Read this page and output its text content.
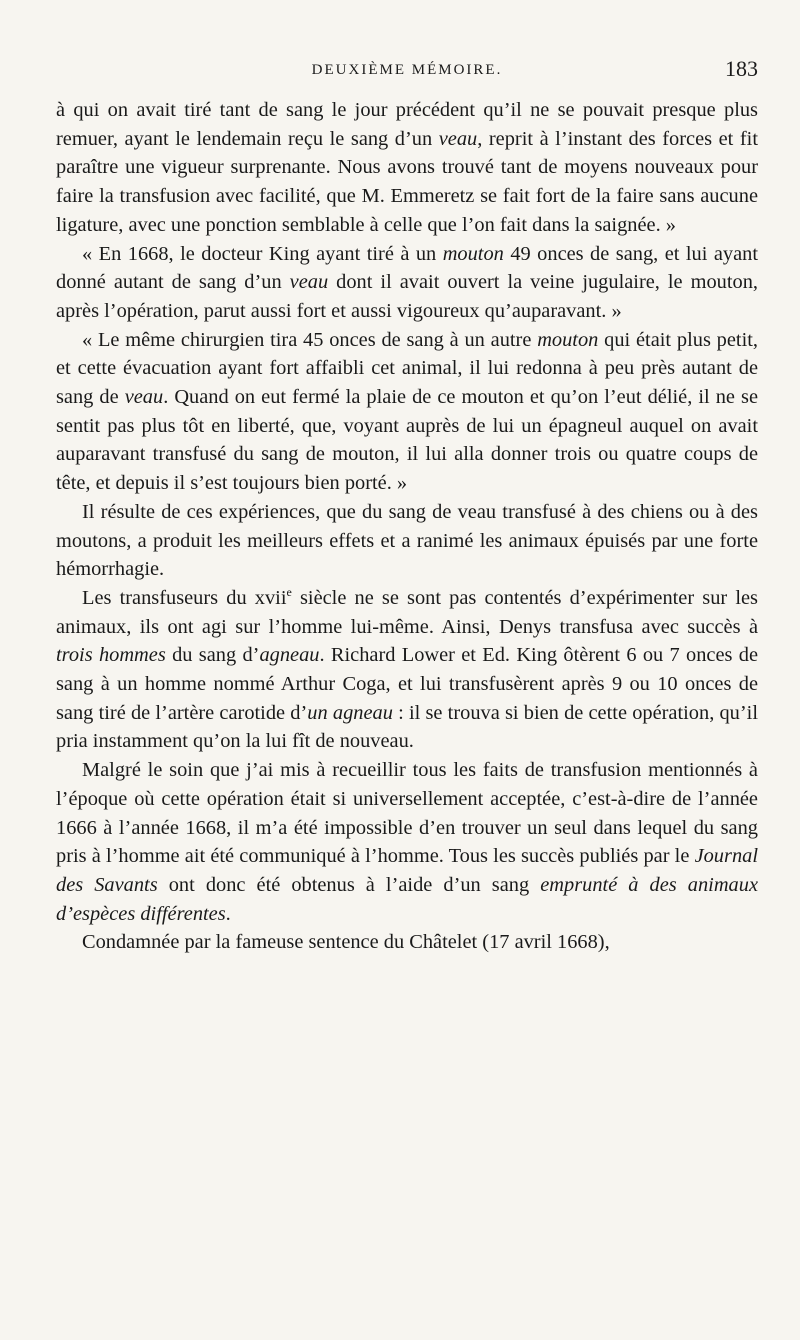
DEUXIÈME MÉMOIRE.	183

à qui on avait tiré tant de sang le jour précédent qu’il ne se pouvait presque plus remuer, ayant le lendemain reçu le sang d’un veau, reprit à l’instant des forces et fit paraître une vigueur surprenante. Nous avons trouvé tant de moyens nouveaux pour faire la transfusion avec facilité, que M. Emmeretz se fait fort de la faire sans aucune ligature, avec une ponction semblable à celle que l’on fait dans la saignée. »

« En 1668, le docteur King ayant tiré à un mouton 49 onces de sang, et lui ayant donné autant de sang d’un veau dont il avait ouvert la veine jugulaire, le mouton, après l’opération, parut aussi fort et aussi vigoureux qu’auparavant. »

« Le même chirurgien tira 45 onces de sang à un autre mouton qui était plus petit, et cette évacuation ayant fort affaibli cet animal, il lui redonna à peu près autant de sang de veau. Quand on eut fermé la plaie de ce mouton et qu’on l’eut délié, il ne se sentit pas plus tôt en liberté, que, voyant auprès de lui un épagneul auquel on avait auparavant transfusé du sang de mouton, il lui alla donner trois ou quatre coups de tête, et depuis il s’est toujours bien porté. »

Il résulte de ces expériences, que du sang de veau transfusé à des chiens ou à des moutons, a produit les meilleurs effets et a ranimé les animaux épuisés par une forte hémorrhagie.

Les transfuseurs du xvii$^e$ siècle ne se sont pas contentés d’expérimenter sur les animaux, ils ont agi sur l’homme lui-même. Ainsi, Denys transfusa avec succès à trois hommes du sang d’agneau. Richard Lower et Ed. King ôtèrent 6 ou 7 onces de sang à un homme nommé Arthur Coga, et lui transfusèrent après 9 ou 10 onces de sang tiré de l’artère carotide d’un agneau : il se trouva si bien de cette opération, qu’il pria instamment qu’on la lui fît de nouveau.

Malgré le soin que j’ai mis à recueillir tous les faits de transfusion mentionnés à l’époque où cette opération était si universellement acceptée, c’est-à-dire de l’année 1666 à l’année 1668, il m’a été impossible d’en trouver un seul dans lequel du sang pris à l’homme ait été communiqué à l’homme. Tous les succès publiés par le Journal des Savants ont donc été obtenus à l’aide d’un sang emprunté à des animaux d’espèces différentes.

Condamnée par la fameuse sentence du Châtelet (17 avril 1668),
